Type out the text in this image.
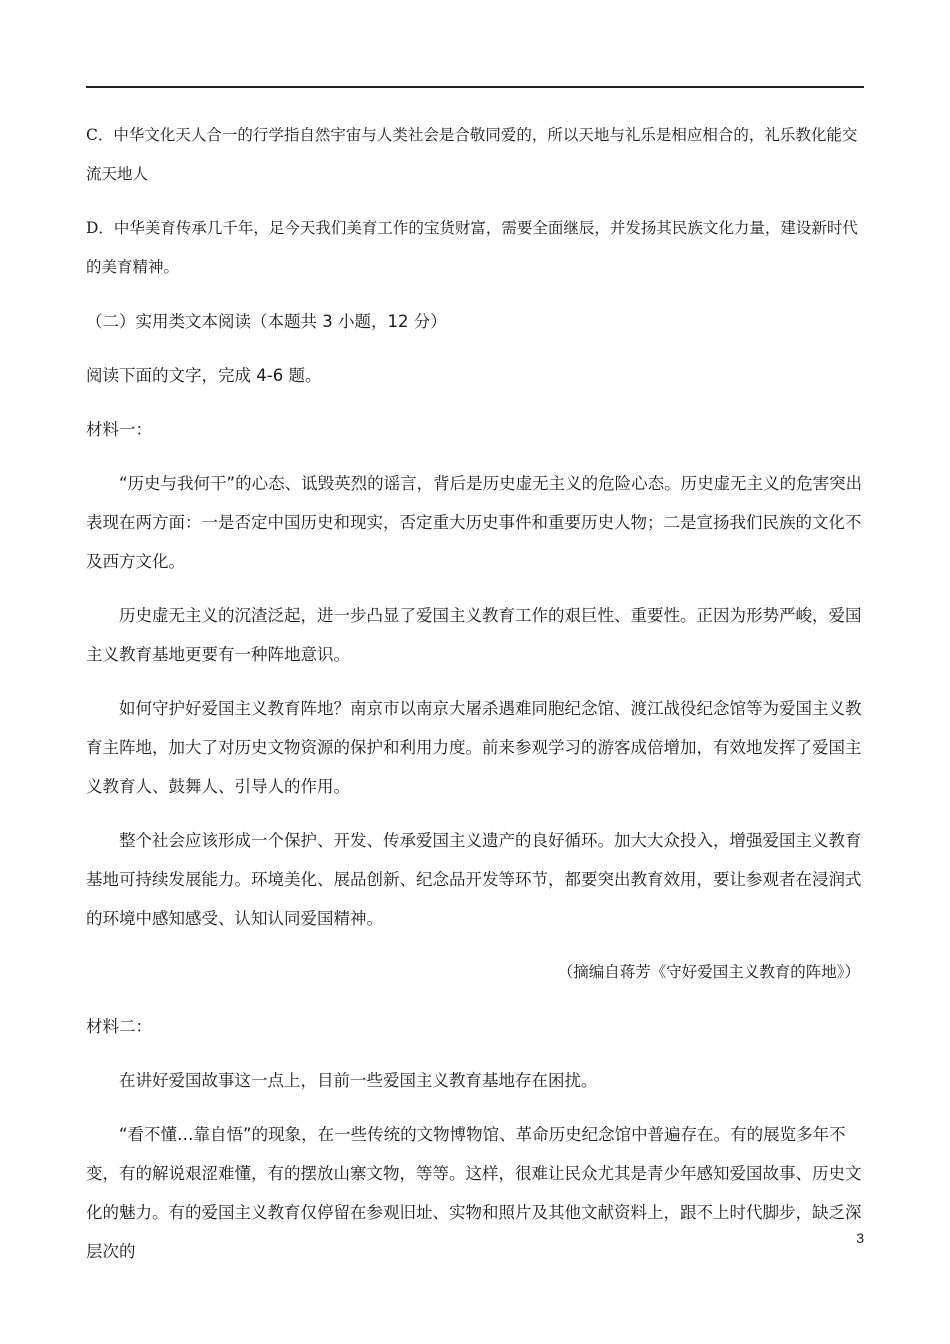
C．中华文化天人合一的行学指自然宇宙与人类社会是合敬同爱的，所以天地与礼乐是相应相合的，礼乐教化能交流天地人

D．中华美育传承几千年，足今天我们美育工作的宝货财富，需要全面继辰，并发扬其民族文化力量，建设新时代的美育精神。

（二）实用类文本阅读（本题共 3 小题，12 分）

阅读下面的文字，完成 4-6 题。

材料一：

“历史与我何干”的心态、诋毁英烈的谣言，背后是历史虚无主义的危险心态。历史虚无主义的危害突出表现在两方面：一是否定中国历史和现实，否定重大历史事件和重要历史人物；二是宣扬我们民族的文化不及西方文化。

历史虚无主义的沉渣泛起，进一步凸显了爱国主义教育工作的艰巨性、重要性。正因为形势严峻，爱国主义教育基地更要有一种阵地意识。

如何守护好爱国主义教育阵地？南京市以南京大屠杀遇难同胞纪念馆、渡江战役纪念馆等为爱国主义教育主阵地，加大了对历史文物资源的保护和利用力度。前来参观学习的游客成倍增加，有效地发挥了爱国主义教育人、鼓舞人、引导人的作用。

整个社会应该形成一个保护、开发、传承爱国主义遗产的良好循环。加大大众投入，增强爱国主义教育基地可持续发展能力。环境美化、展品创新、纪念品开发等环节，都要突出教育效用，要让参观者在浸润式的环境中感知感受、认知认同爱国精神。

（摘编自蒋芳《守好爱国主义教育的阵地》）

材料二：

在讲好爱国故事这一点上，目前一些爱国主义教育基地存在困扰。

“看不懂…靠自悟”的现象，在一些传统的文物博物馆、革命历史纪念馆中普遍存在。有的展览多年不变，有的解说艰涩难懂，有的摆放山寨文物，等等。这样，很难让民众尤其是青少年感知爱国故事、历史文化的魅力。有的爱国主义教育仅停留在参观旧址、实物和照片及其他文献资料上，跟不上时代脚步，缺乏深层次的

3
